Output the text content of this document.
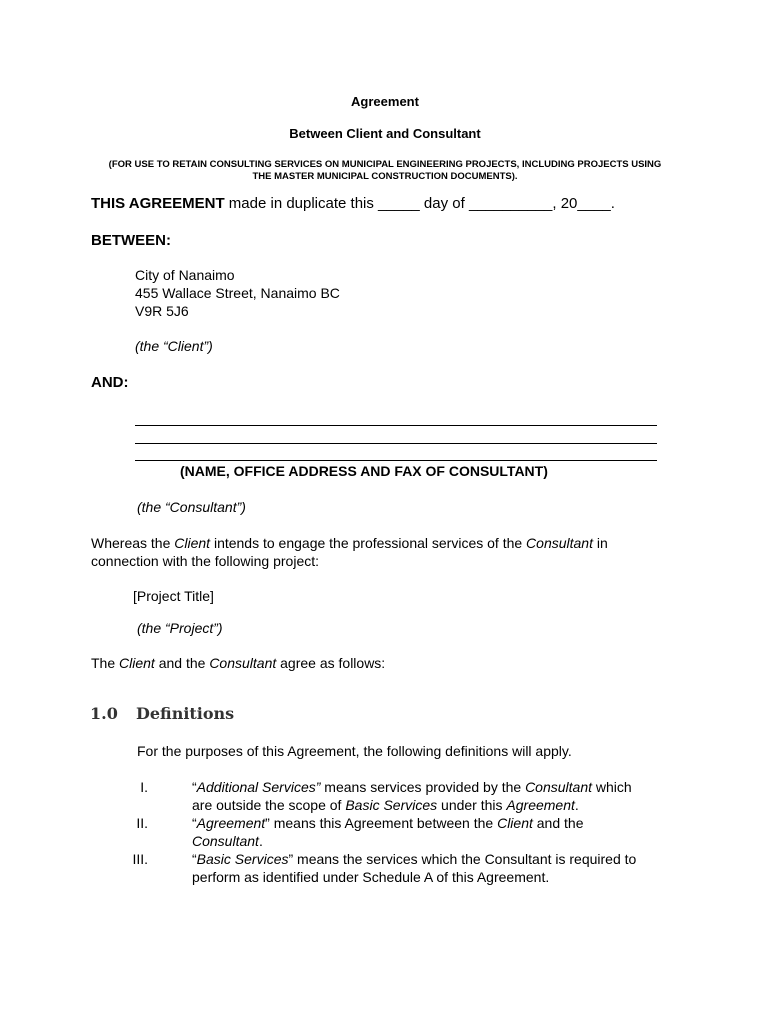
Agreement
Between Client and Consultant
(FOR USE TO RETAIN CONSULTING SERVICES ON MUNICIPAL ENGINEERING PROJECTS, INCLUDING PROJECTS USING
THE MASTER MUNICIPAL CONSTRUCTION DOCUMENTS).
THIS AGREEMENT made in duplicate this _____ day of __________, 20____.
BETWEEN:
City of Nanaimo
455 Wallace Street, Nanaimo BC
V9R 5J6
(the “Client”)
AND:
(NAME, OFFICE ADDRESS AND FAX OF CONSULTANT)
(the “Consultant”)
Whereas the Client intends to engage the professional services of the Consultant in
connection with the following project:
[Project Title]
(the “Project”)
The Client and the Consultant agree as follows:
1.0 Definitions
For the purposes of this Agreement, the following definitions will apply.
I.	“Additional Services” means services provided by the Consultant which
are outside the scope of Basic Services under this Agreement.
II.	“Agreement” means this Agreement between the Client and the
Consultant.
III.	“Basic Services” means the services which the Consultant is required to
perform as identified under Schedule A of this Agreement.
